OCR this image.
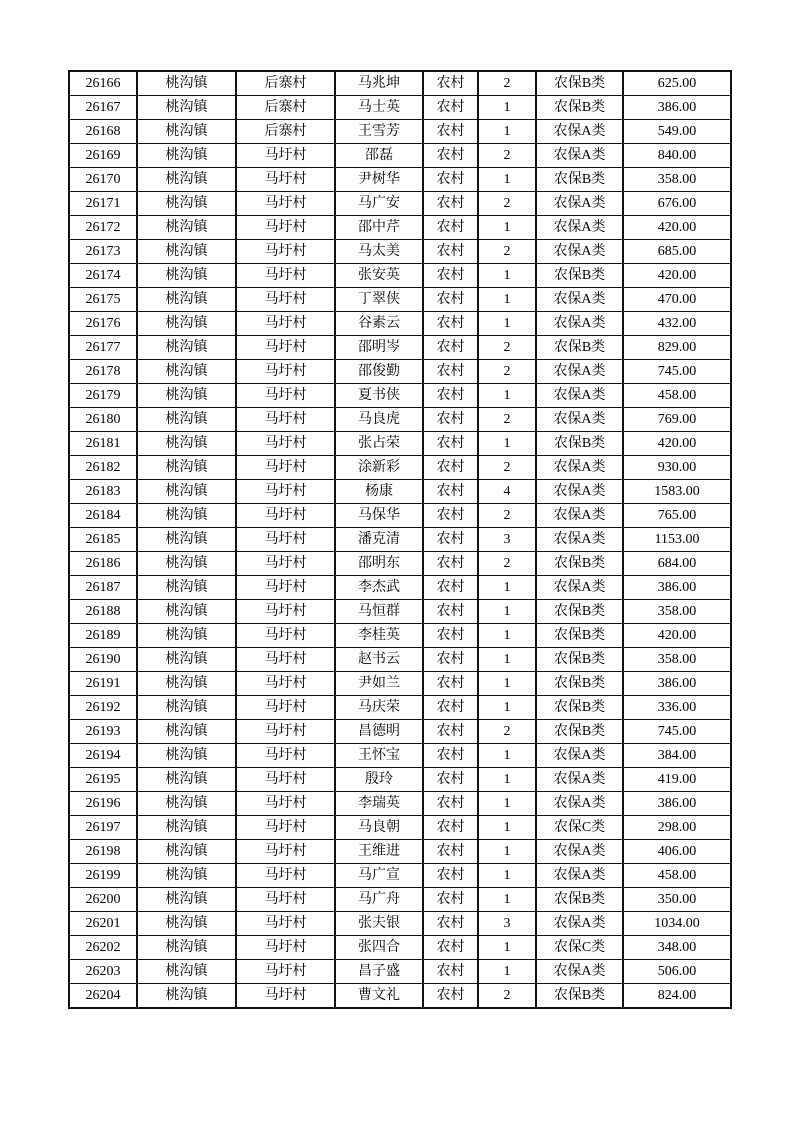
26166	桃沟镇	后寨村	马兆坤	农村	2	农保B类	625.00
26167	桃沟镇	后寨村	马士英	农村	1	农保B类	386.00
26168	桃沟镇	后寨村	王雪芳	农村	1	农保A类	549.00
26169	桃沟镇	马圩村	邵磊	农村	2	农保A类	840.00
26170	桃沟镇	马圩村	尹树华	农村	1	农保B类	358.00
26171	桃沟镇	马圩村	马广安	农村	2	农保A类	676.00
26172	桃沟镇	马圩村	邵中芹	农村	1	农保A类	420.00
26173	桃沟镇	马圩村	马太美	农村	2	农保A类	685.00
26174	桃沟镇	马圩村	张安英	农村	1	农保B类	420.00
26175	桃沟镇	马圩村	丁翠侠	农村	1	农保A类	470.00
26176	桃沟镇	马圩村	谷素云	农村	1	农保A类	432.00
26177	桃沟镇	马圩村	邵明岑	农村	2	农保B类	829.00
26178	桃沟镇	马圩村	邵俊勤	农村	2	农保A类	745.00
26179	桃沟镇	马圩村	夏书侠	农村	1	农保A类	458.00
26180	桃沟镇	马圩村	马良虎	农村	2	农保A类	769.00
26181	桃沟镇	马圩村	张占荣	农村	1	农保B类	420.00
26182	桃沟镇	马圩村	涂新彩	农村	2	农保A类	930.00
26183	桃沟镇	马圩村	杨康	农村	4	农保A类	1583.00
26184	桃沟镇	马圩村	马保华	农村	2	农保A类	765.00
26185	桃沟镇	马圩村	潘克清	农村	3	农保A类	1153.00
26186	桃沟镇	马圩村	邵明东	农村	2	农保B类	684.00
26187	桃沟镇	马圩村	李杰武	农村	1	农保A类	386.00
26188	桃沟镇	马圩村	马恒群	农村	1	农保B类	358.00
26189	桃沟镇	马圩村	李桂英	农村	1	农保B类	420.00
26190	桃沟镇	马圩村	赵书云	农村	1	农保B类	358.00
26191	桃沟镇	马圩村	尹如兰	农村	1	农保B类	386.00
26192	桃沟镇	马圩村	马庆荣	农村	1	农保B类	336.00
26193	桃沟镇	马圩村	昌德明	农村	2	农保B类	745.00
26194	桃沟镇	马圩村	王怀宝	农村	1	农保A类	384.00
26195	桃沟镇	马圩村	殷玲	农村	1	农保A类	419.00
26196	桃沟镇	马圩村	李瑞英	农村	1	农保A类	386.00
26197	桃沟镇	马圩村	马良朝	农村	1	农保C类	298.00
26198	桃沟镇	马圩村	王维进	农村	1	农保A类	406.00
26199	桃沟镇	马圩村	马广宣	农村	1	农保A类	458.00
26200	桃沟镇	马圩村	马广舟	农村	1	农保B类	350.00
26201	桃沟镇	马圩村	张夫银	农村	3	农保A类	1034.00
26202	桃沟镇	马圩村	张四合	农村	1	农保C类	348.00
26203	桃沟镇	马圩村	昌子盛	农村	1	农保A类	506.00
26204	桃沟镇	马圩村	曹文礼	农村	2	农保B类	824.00
